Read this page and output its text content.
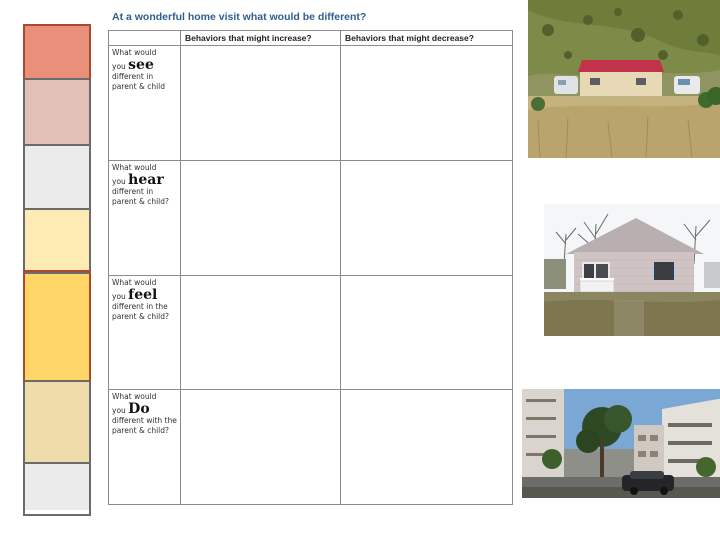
At a wonderful home visit what would be different?
	Behaviors that might increase?	Behaviors that might decrease?

What would
you see
different in parent & child		

What would
you hear
different in parent & child?		

What would
you feel
different in the parent & child?		

What would
you Do
different with the parent & child?		
